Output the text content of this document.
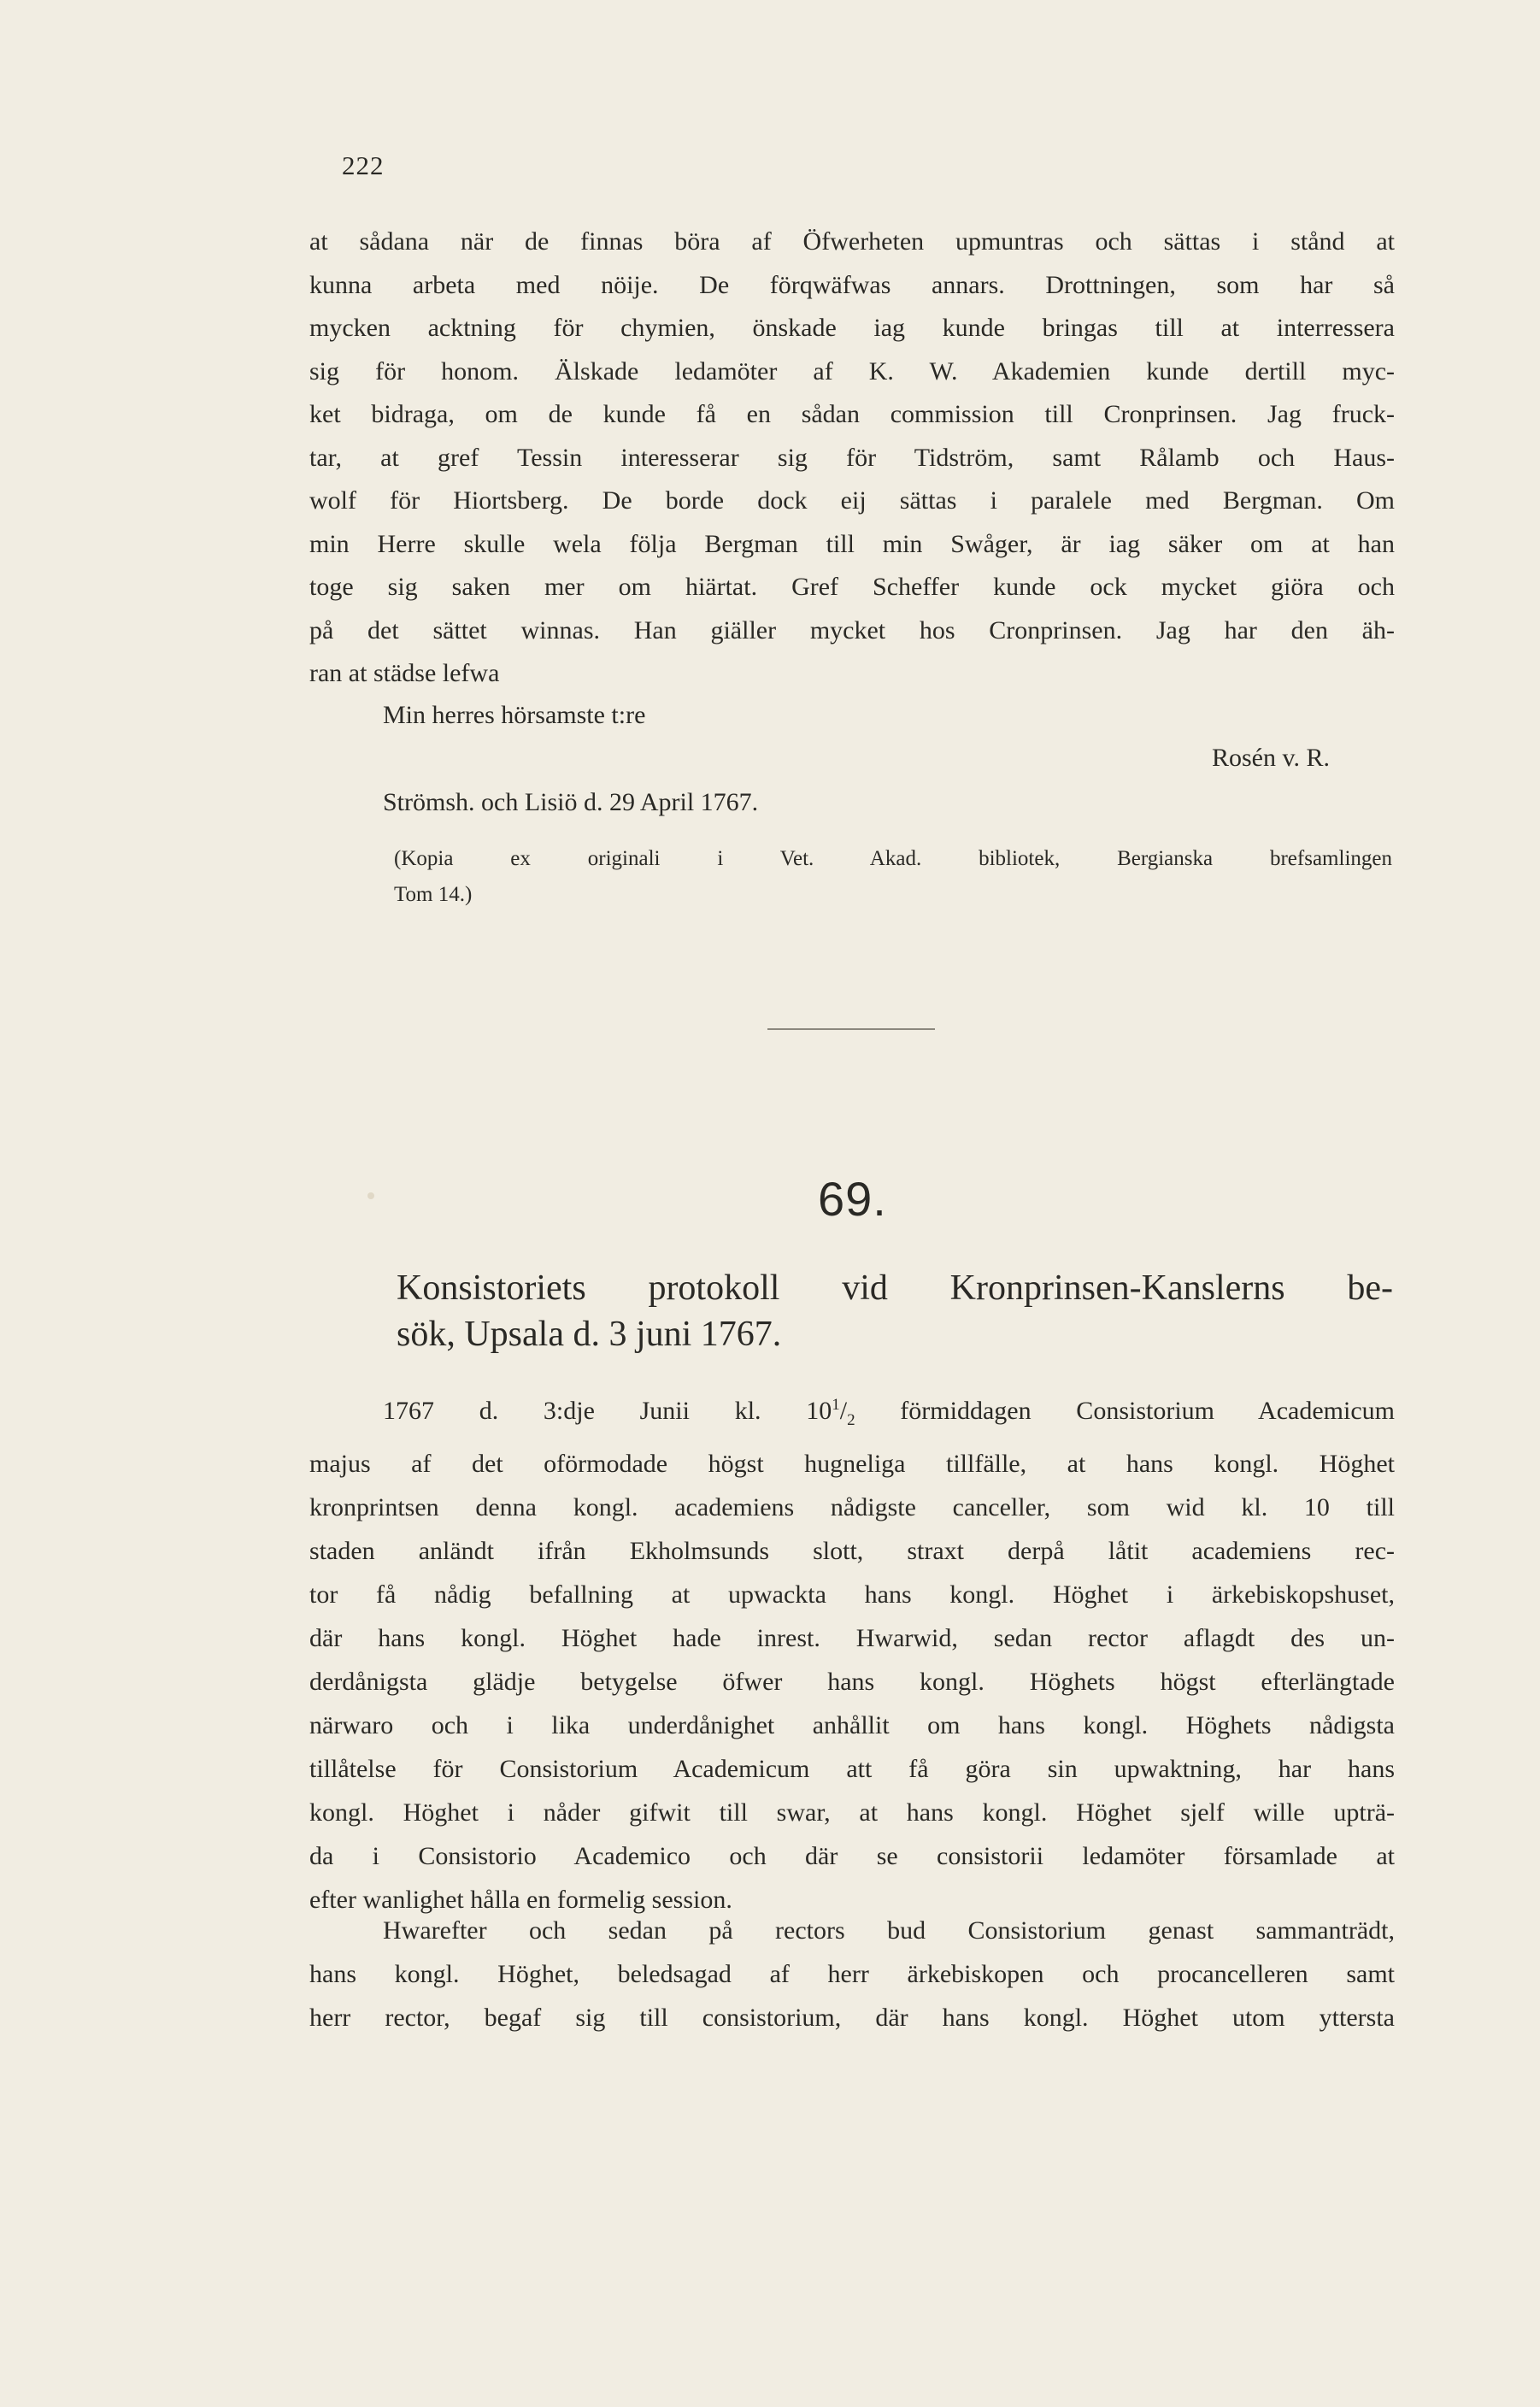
222
at sådana när de finnas böra af Öfwerheten upmuntras och sättas i stånd at
kunna arbeta med nöije. De förqwäfwas annars. Drottningen, som har så
mycken acktning för chymien, önskade iag kunde bringas till at interressera
sig för honom. Älskade ledamöter af K. W. Akademien kunde dertill myc-
ket bidraga, om de kunde få en sådan commission till Cronprinsen. Jag fruck-
tar, at gref Tessin interesserar sig för Tidström, samt Rålamb och Haus-
wolf för Hiortsberg. De borde dock eij sättas i paralele med Bergman. Om
min Herre skulle wela följa Bergman till min Swåger, är iag säker om at han
toge sig saken mer om hiärtat. Gref Scheffer kunde ock mycket giöra och
på det sättet winnas. Han giäller mycket hos Cronprinsen. Jag har den äh-
ran at städse lefwa
Min herres hörsamste t:re
Rosén v. R.
Strömsh. och Lisiö d. 29 April 1767.
(Kopia ex originali i Vet. Akad. bibliotek, Bergianska brefsamlingen
Tom 14.)
69.
Konsistoriets protokoll vid Kronprinsen-Kanslerns be-
sök, Upsala d. 3 juni 1767.
1767 d. 3:dje Junii kl. $10^1/_2$ förmiddagen Consistorium Academicum
majus af det oförmodade högst hugneliga tillfälle, at hans kongl. Höghet
kronprintsen denna kongl. academiens nådigste canceller, som wid kl. 10 till
staden anländt ifrån Ekholmsunds slott, straxt derpå låtit academiens rec-
tor få nådig befallning at upwackta hans kongl. Höghet i ärkebiskopshuset,
där hans kongl. Höghet hade inrest. Hwarwid, sedan rector aflagdt des un-
derdånigsta glädje betygelse öfwer hans kongl. Höghets högst efterlängtade
närwaro och i lika underdånighet anhållit om hans kongl. Höghets nådigsta
tillåtelse för Consistorium Academicum att få göra sin upwaktning, har hans
kongl. Höghet i nåder gifwit till swar, at hans kongl. Höghet sjelf wille upträ-
da i Consistorio Academico och där se consistorii ledamöter församlade at
efter wanlighet hålla en formelig session.
Hwarefter och sedan på rectors bud Consistorium genast sammanträdt,
hans kongl. Höghet, beledsagad af herr ärkebiskopen och procancelleren samt
herr rector, begaf sig till consistorium, där hans kongl. Höghet utom yttersta
